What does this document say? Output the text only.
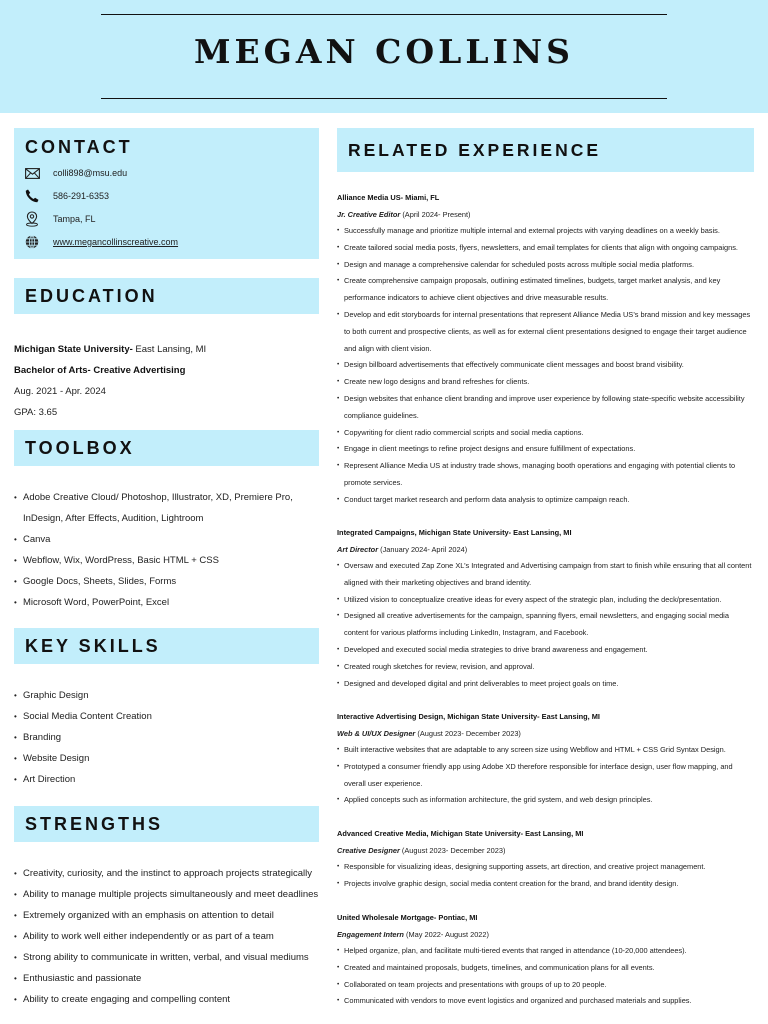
MEGAN COLLINS
CONTACT
colli898@msu.edu
586-291-6353
Tampa, FL
www.megancollinscreative.com
EDUCATION
Michigan State University- East Lansing, MI
Bachelor of Arts- Creative Advertising
Aug. 2021 - Apr. 2024
GPA: 3.65
TOOLBOX
• Adobe Creative Cloud/ Photoshop, Illustrator, XD, Premiere Pro, InDesign, After Effects, Audition, Lightroom
• Canva
• Webflow, Wix, WordPress, Basic HTML + CSS
• Google Docs, Sheets, Slides, Forms
• Microsoft Word, PowerPoint, Excel
KEY SKILLS
• Graphic Design
• Social Media Content Creation
• Branding
• Website Design
• Art Direction
STRENGTHS
• Creativity, curiosity, and the instinct to approach projects strategically
• Ability to manage multiple projects simultaneously and meet deadlines
• Extremely organized with an emphasis on attention to detail
• Ability to work well either independently or as part of a team
• Strong ability to communicate in written, verbal, and visual mediums
• Enthusiastic and passionate
• Ability to create engaging and compelling content
RELATED EXPERIENCE
Alliance Media US- Miami, FL
Jr. Creative Editor (April 2024- Present)
• Successfully manage and prioritize multiple internal and external projects with varying deadlines on a weekly basis.
• Create tailored social media posts, flyers, newsletters, and email templates for clients that align with ongoing campaigns.
• Design and manage a comprehensive calendar for scheduled posts across multiple social media platforms.
• Create comprehensive campaign proposals, outlining estimated timelines, budgets, target market analysis, and key performance indicators to achieve client objectives and drive measurable results.
• Develop and edit storyboards for internal presentations that represent Alliance Media US’s brand mission and key messages to both current and prospective clients, as well as for external client presentations designed to engage their target audience and align with client vision.
• Design billboard advertisements that effectively communicate client messages and boost brand visibility.
• Create new logo designs and brand refreshes for clients.
• Design websites that enhance client branding and improve user experience by following state-specific website accessibility compliance guidelines.
• Copywriting for client radio commercial scripts and social media captions.
• Engage in client meetings to refine project designs and ensure fulfillment of expectations.
• Represent Alliance Media US at industry trade shows, managing booth operations and engaging with potential clients to promote services.
• Conduct target market research and perform data analysis to optimize campaign reach.
Integrated Campaigns, Michigan State University- East Lansing, MI
Art Director (January 2024- April 2024)
• Oversaw and executed Zap Zone XL’s Integrated and Advertising campaign from start to finish while ensuring that all content aligned with their marketing objectives and brand identity.
• Utilized vision to conceptualize creative ideas for every aspect of the strategic plan, including the deck/presentation.
• Designed all creative advertisements for the campaign, spanning flyers, email newsletters, and engaging social media content for various platforms including LinkedIn, Instagram, and Facebook.
• Developed and executed social media strategies to drive brand awareness and engagement.
• Created rough sketches for review, revision, and approval.
• Designed and developed digital and print deliverables to meet project goals on time.
Interactive Advertising Design, Michigan State University- East Lansing, MI
Web & UI/UX Designer (August 2023- December 2023)
• Built interactive websites that are adaptable to any screen size using Webflow and HTML + CSS Grid Syntax Design.
• Prototyped a consumer friendly app using Adobe XD therefore responsible for interface design, user flow mapping, and overall user experience.
• Applied concepts such as information architecture, the grid system, and web design principles.
Advanced Creative Media, Michigan State University- East Lansing, MI
Creative Designer (August 2023- December 2023)
• Responsible for visualizing ideas, designing supporting assets, art direction, and creative project management.
• Projects involve graphic design, social media content creation for the brand, and brand identity design.
United Wholesale Mortgage- Pontiac, MI
Engagement Intern (May 2022- August 2022)
• Helped organize, plan, and facilitate multi-tiered events that ranged in attendance (10-20,000 attendees).
• Created and maintained proposals, budgets, timelines, and communication plans for all events.
• Collaborated on team projects and presentations with groups of up to 20 people.
• Communicated with vendors to move event logistics and organized and purchased materials and supplies.
